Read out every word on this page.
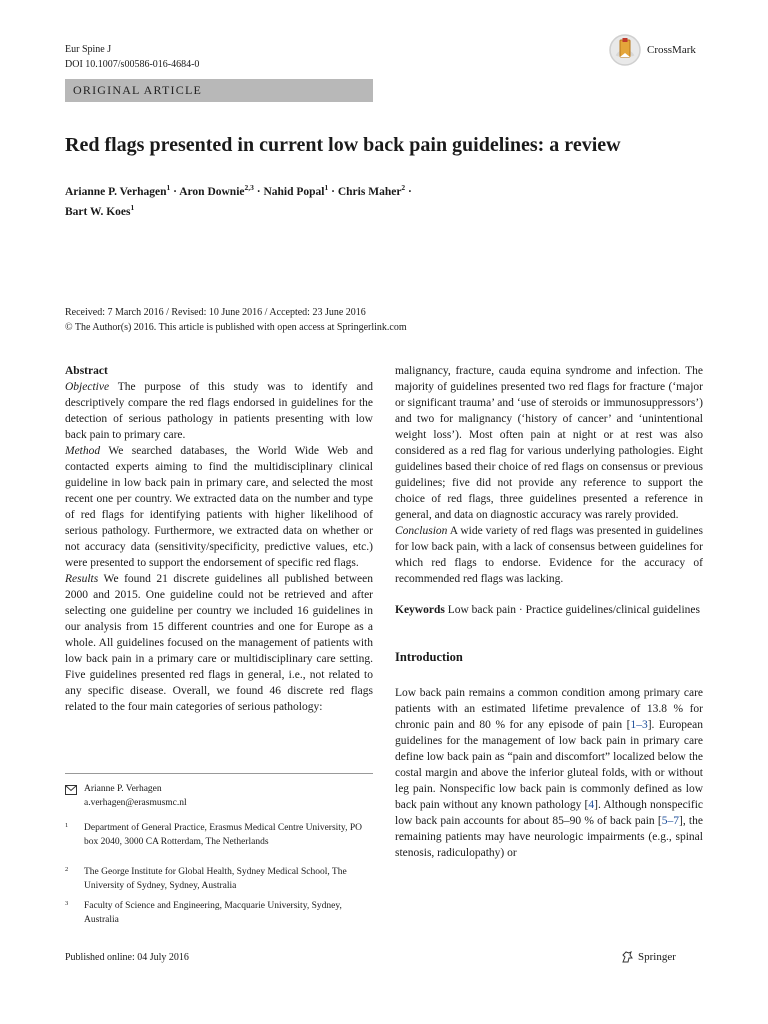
Eur Spine J
DOI 10.1007/s00586-016-4684-0
CrossMark
ORIGINAL ARTICLE
Red flags presented in current low back pain guidelines: a review
Arianne P. Verhagen$^1$ · Aron Downie$^{2,3}$ · Nahid Popal$^1$ · Chris Maher$^2$ ·
Bart W. Koes$^1$
Received: 7 March 2016 / Revised: 10 June 2016 / Accepted: 23 June 2016
© The Author(s) 2016. This article is published with open access at Springerlink.com

Abstract

Objective The purpose of this study was to identify and descriptively compare the red flags endorsed in guidelines for the detection of serious pathology in patients presenting with low back pain to primary care.

Method We searched databases, the World Wide Web and contacted experts aiming to find the multidisciplinary clinical guideline in low back pain in primary care, and selected the most recent one per country. We extracted data on the number and type of red flags for identifying patients with higher likelihood of serious pathology. Furthermore, we extracted data on whether or not accuracy data (sensitivity/specificity, predictive values, etc.) were presented to support the endorsement of specific red flags.

Results We found 21 discrete guidelines all published between 2000 and 2015. One guideline could not be retrieved and after selecting one guideline per country we included 16 guidelines in our analysis from 15 different countries and one for Europe as a whole. All guidelines focused on the management of patients with low back pain in a primary care or multidisciplinary care setting. Five guidelines presented red flags in general, i.e., not related to any specific disease. Overall, we found 46 discrete red flags related to the four main categories of serious pathology:

malignancy, fracture, cauda equina syndrome and infection. The majority of guidelines presented two red flags for fracture (‘major or significant trauma’ and ‘use of steroids or immunosuppressors’) and two for malignancy (‘history of cancer’ and ‘unintentional weight loss’). Most often pain at night or at rest was also considered as a red flag for various underlying pathologies. Eight guidelines based their choice of red flags on consensus or previous guidelines; five did not provide any reference to support the choice of red flags, three guidelines presented a reference in general, and data on diagnostic accuracy was rarely provided.

Conclusion A wide variety of red flags was presented in guidelines for low back pain, with a lack of consensus between guidelines for which red flags to endorse. Evidence for the accuracy of recommended red flags was lacking.

Keywords Low back pain · Practice guidelines/clinical guidelines

Introduction

Low back pain remains a common condition among primary care patients with an estimated lifetime prevalence of 13.8 % for chronic pain and 80 % for any episode of pain [1–3]. European guidelines for the management of low back pain in primary care define low back pain as “pain and discomfort” localized below the costal margin and above the inferior gluteal folds, with or without leg pain. Nonspecific low back pain is commonly defined as low back pain without any known pathology [4]. Although nonspecific low back pain accounts for about 85–90 % of back pain [5–7], the remaining patients may have neurologic impairments (e.g., spinal stenosis, radiculopathy) or

Arianne P. Verhagen
a.verhagen@erasmusmc.nl
1 Department of General Practice, Erasmus Medical Centre University, PO box 2040, 3000 CA Rotterdam, The Netherlands
2 The George Institute for Global Health, Sydney Medical School, The University of Sydney, Sydney, Australia
3 Faculty of Science and Engineering, Macquarie University, Sydney, Australia
Published online: 04 July 2016	Springer
